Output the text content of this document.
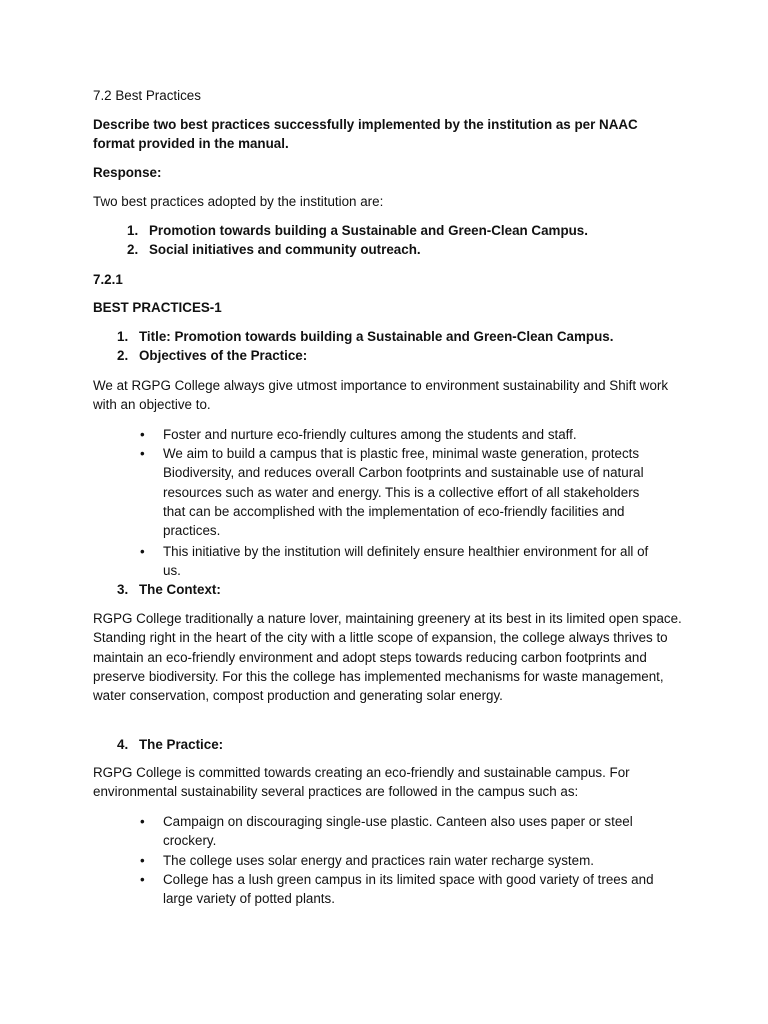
7.2 Best Practices

Describe two best practices successfully implemented by the institution as per NAAC format provided in the manual.

Response:

Two best practices adopted by the institution are:

1. Promotion towards building a Sustainable and Green-Clean Campus.
2. Social initiatives and community outreach.

7.2.1

BEST PRACTICES-1

1. Title: Promotion towards building a Sustainable and Green-Clean Campus.
2. Objectives of the Practice:

We at RGPG College always give utmost importance to environment sustainability and Shift work with an objective to.

•	Foster and nurture eco-friendly cultures among the students and staff.
•	We aim to build a campus that is plastic free, minimal waste generation, protects Biodiversity, and reduces overall Carbon footprints and sustainable use of natural resources such as water and energy. This is a collective effort of all stakeholders that can be accomplished with the implementation of eco-friendly facilities and practices.
•	This initiative by the institution will definitely ensure healthier environment for all of us.
3. The Context:

RGPG College traditionally a nature lover, maintaining greenery at its best in its limited open space. Standing right in the heart of the city with a little scope of expansion, the college always thrives to maintain an eco-friendly environment and adopt steps towards reducing carbon footprints and preserve biodiversity. For this the college has implemented mechanisms for waste management, water conservation, compost production and generating solar energy.

4. The Practice:

RGPG College is committed towards creating an eco-friendly and sustainable campus. For environmental sustainability several practices are followed in the campus such as:

•	Campaign on discouraging single-use plastic. Canteen also uses paper or steel crockery.
•	The college uses solar energy and practices rain water recharge system.
•	College has a lush green campus in its limited space with good variety of trees and large variety of potted plants.
